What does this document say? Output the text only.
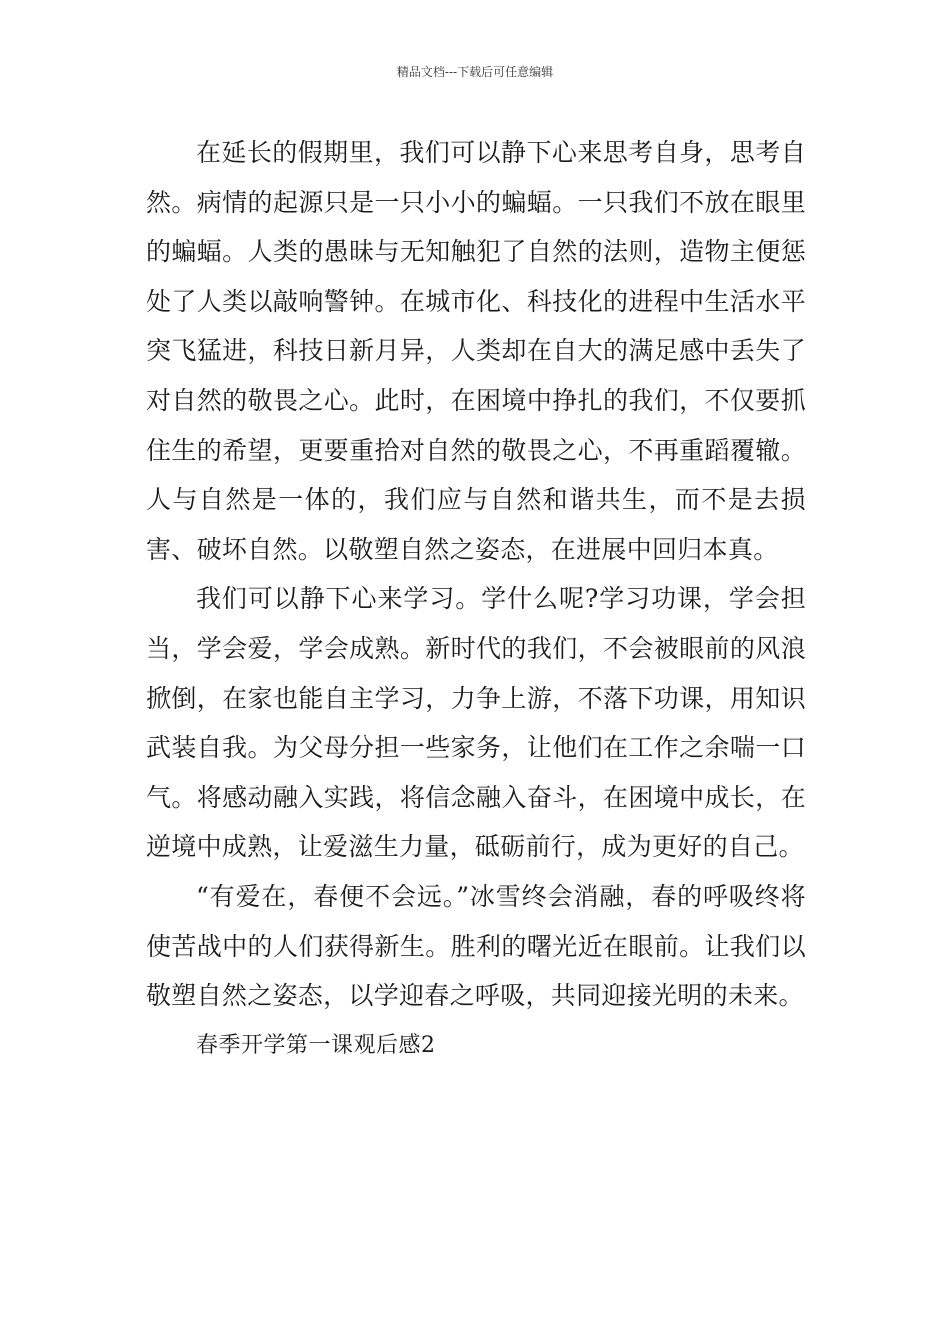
精品文档---下载后可任意编辑

在延长的假期里，我们可以静下心来思考自身，思考自然。病情的起源只是一只小小的蝙蝠。一只我们不放在眼里的蝙蝠。人类的愚昧与无知触犯了自然的法则，造物主便惩处了人类以敲响警钟。在城市化、科技化的进程中生活水平突飞猛进，科技日新月异，人类却在自大的满足感中丢失了对自然的敬畏之心。此时，在困境中挣扎的我们，不仅要抓住生的希望，更要重拾对自然的敬畏之心，不再重蹈覆辙。人与自然是一体的，我们应与自然和谐共生，而不是去损害、破坏自然。以敬塑自然之姿态，在进展中回归本真。

我们可以静下心来学习。学什么呢?学习功课，学会担当，学会爱，学会成熟。新时代的我们，不会被眼前的风浪掀倒，在家也能自主学习，力争上游，不落下功课，用知识武装自我。为父母分担一些家务，让他们在工作之余喘一口气。将感动融入实践，将信念融入奋斗，在困境中成长，在逆境中成熟，让爱滋生力量，砥砺前行，成为更好的自己。

“有爱在，春便不会远。”冰雪终会消融，春的呼吸终将使苦战中的人们获得新生。胜利的曙光近在眼前。让我们以敬塑自然之姿态，以学迎春之呼吸，共同迎接光明的未来。

春季开学第一课观后感2
